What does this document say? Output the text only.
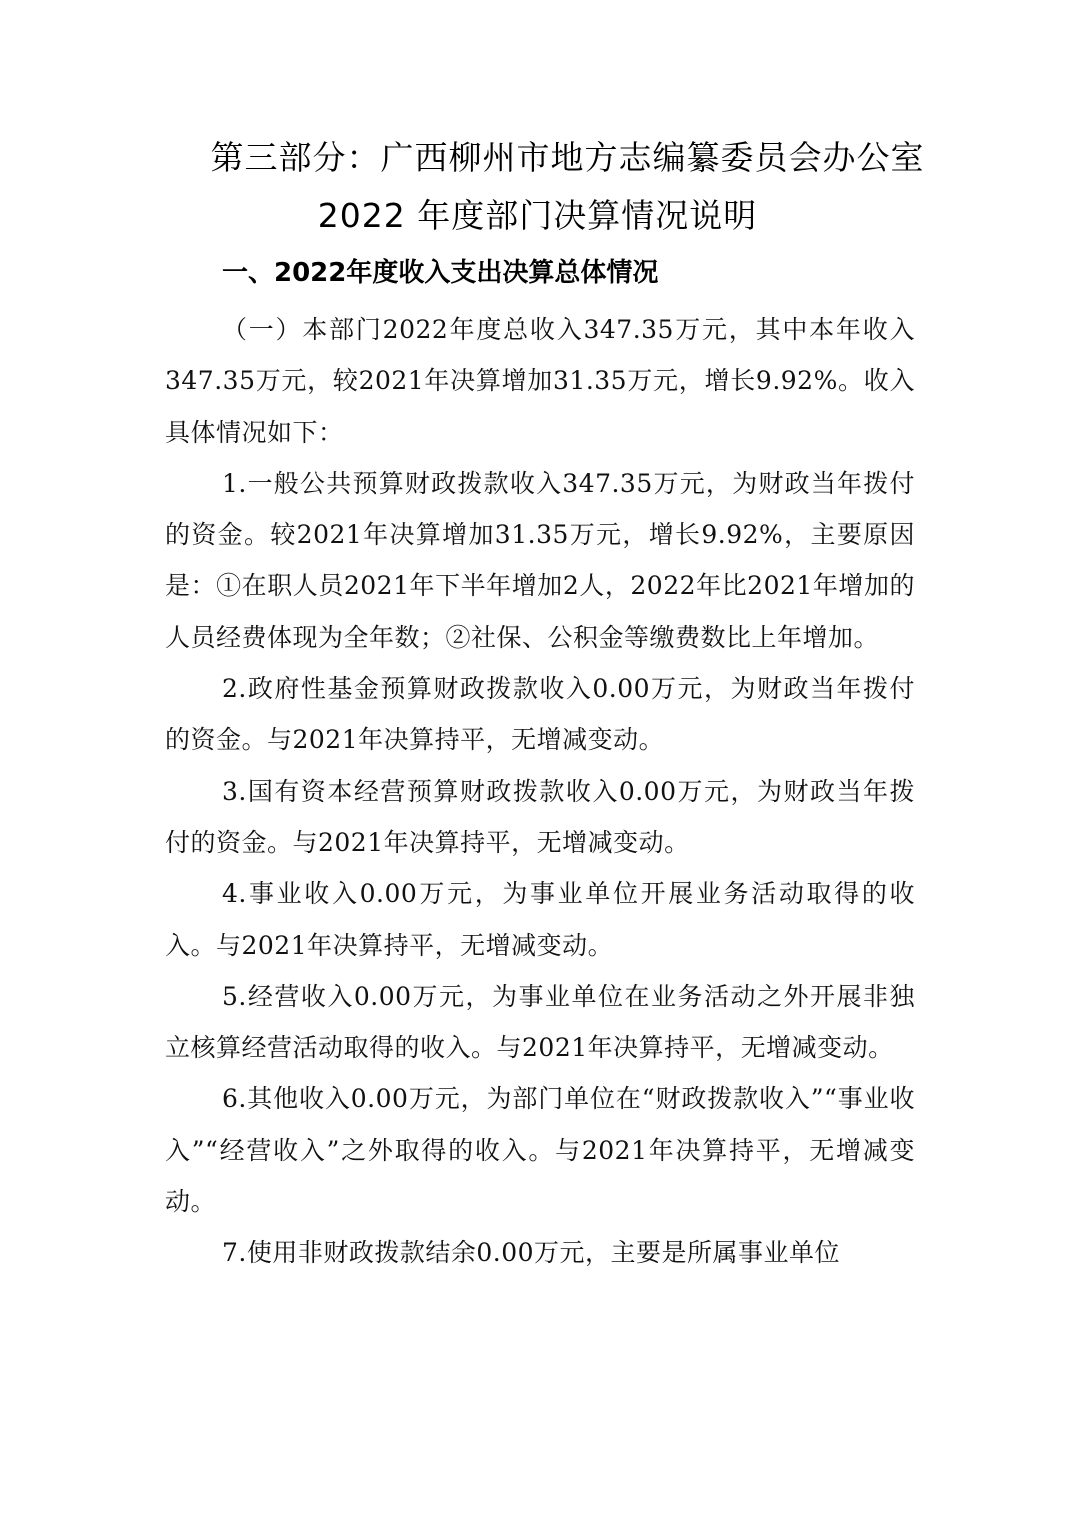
第三部分：广西柳州市地方志编纂委员会办公室
2022 年度部门决算情况说明
一、2022年度收入支出决算总体情况

（一）本部门2022年度总收入347.35万元，其中本年收入347.35万元，较2021年决算增加31.35万元，增长9.92%。收入具体情况如下：

1.一般公共预算财政拨款收入347.35万元，为财政当年拨付的资金。较2021年决算增加31.35万元，增长9.92%，主要原因是：①在职人员2021年下半年增加2人，2022年比2021年增加的人员经费体现为全年数；②社保、公积金等缴费数比上年增加。

2.政府性基金预算财政拨款收入0.00万元，为财政当年拨付的资金。与2021年决算持平，无增减变动。

3.国有资本经营预算财政拨款收入0.00万元，为财政当年拨付的资金。与2021年决算持平，无增减变动。

4.事业收入0.00万元，为事业单位开展业务活动取得的收入。与2021年决算持平，无增减变动。

5.经营收入0.00万元，为事业单位在业务活动之外开展非独立核算经营活动取得的收入。与2021年决算持平，无增减变动。

6.其他收入0.00万元，为部门单位在“财政拨款收入”“事业收入”“经营收入”之外取得的收入。与2021年决算持平，无增减变动。

7.使用非财政拨款结余0.00万元，主要是所属事业单位
